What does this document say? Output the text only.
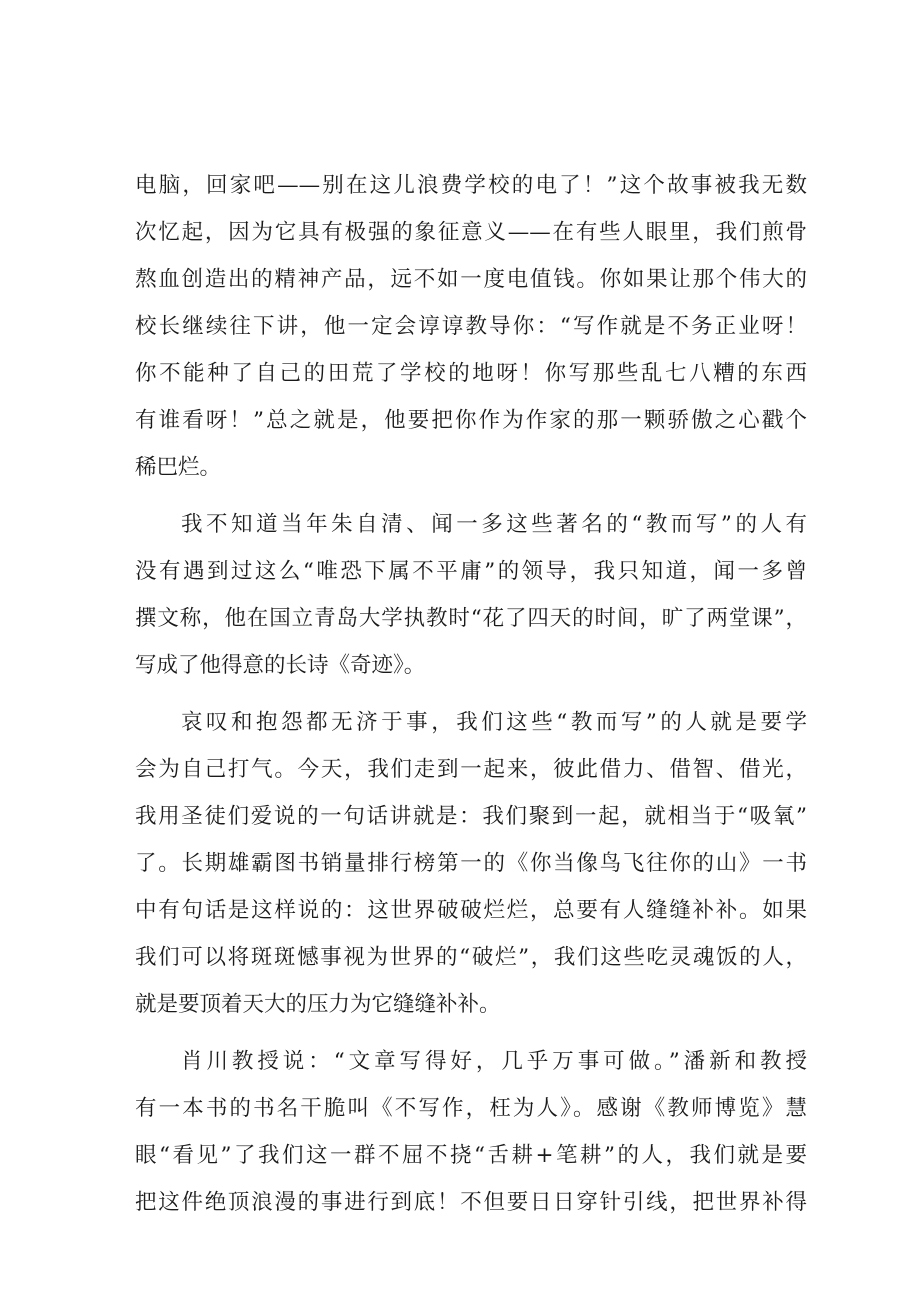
电脑，回家吧——别在这儿浪费学校的电了！”这个故事被我无数
次忆起，因为它具有极强的象征意义——在有些人眼里，我们煎骨
熬血创造出的精神产品，远不如一度电值钱。你如果让那个伟大的
校长继续往下讲，他一定会谆谆教导你：“写作就是不务正业呀！
你不能种了自己的田荒了学校的地呀！你写那些乱七八糟的东西
有谁看呀！”总之就是，他要把你作为作家的那一颗骄傲之心戳个
稀巴烂。
我不知道当年朱自清、闻一多这些著名的“教而写”的人有
没有遇到过这么“唯恐下属不平庸”的领导，我只知道，闻一多曾
撰文称，他在国立青岛大学执教时“花了四天的时间，旷了两堂课”，
写成了他得意的长诗《奇迹》。
哀叹和抱怨都无济于事，我们这些“教而写”的人就是要学
会为自己打气。今天，我们走到一起来，彼此借力、借智、借光，
我用圣徒们爱说的一句话讲就是：我们聚到一起，就相当于“吸氧”
了。长期雄霸图书销量排行榜第一的《你当像鸟飞往你的山》一书
中有句话是这样说的：这世界破破烂烂，总要有人缝缝补补。如果
我们可以将斑斑憾事视为世界的“破烂”，我们这些吃灵魂饭的人，
就是要顶着天大的压力为它缝缝补补。
肖川教授说：“文章写得好，几乎万事可做。”潘新和教授
有一本书的书名干脆叫《不写作，枉为人》。感谢《教师博览》慧
眼“看见”了我们这一群不屈不挠“舌耕+笔耕”的人，我们就是要
把这件绝顶浪漫的事进行到底！不但要日日穿针引线，把世界补得
